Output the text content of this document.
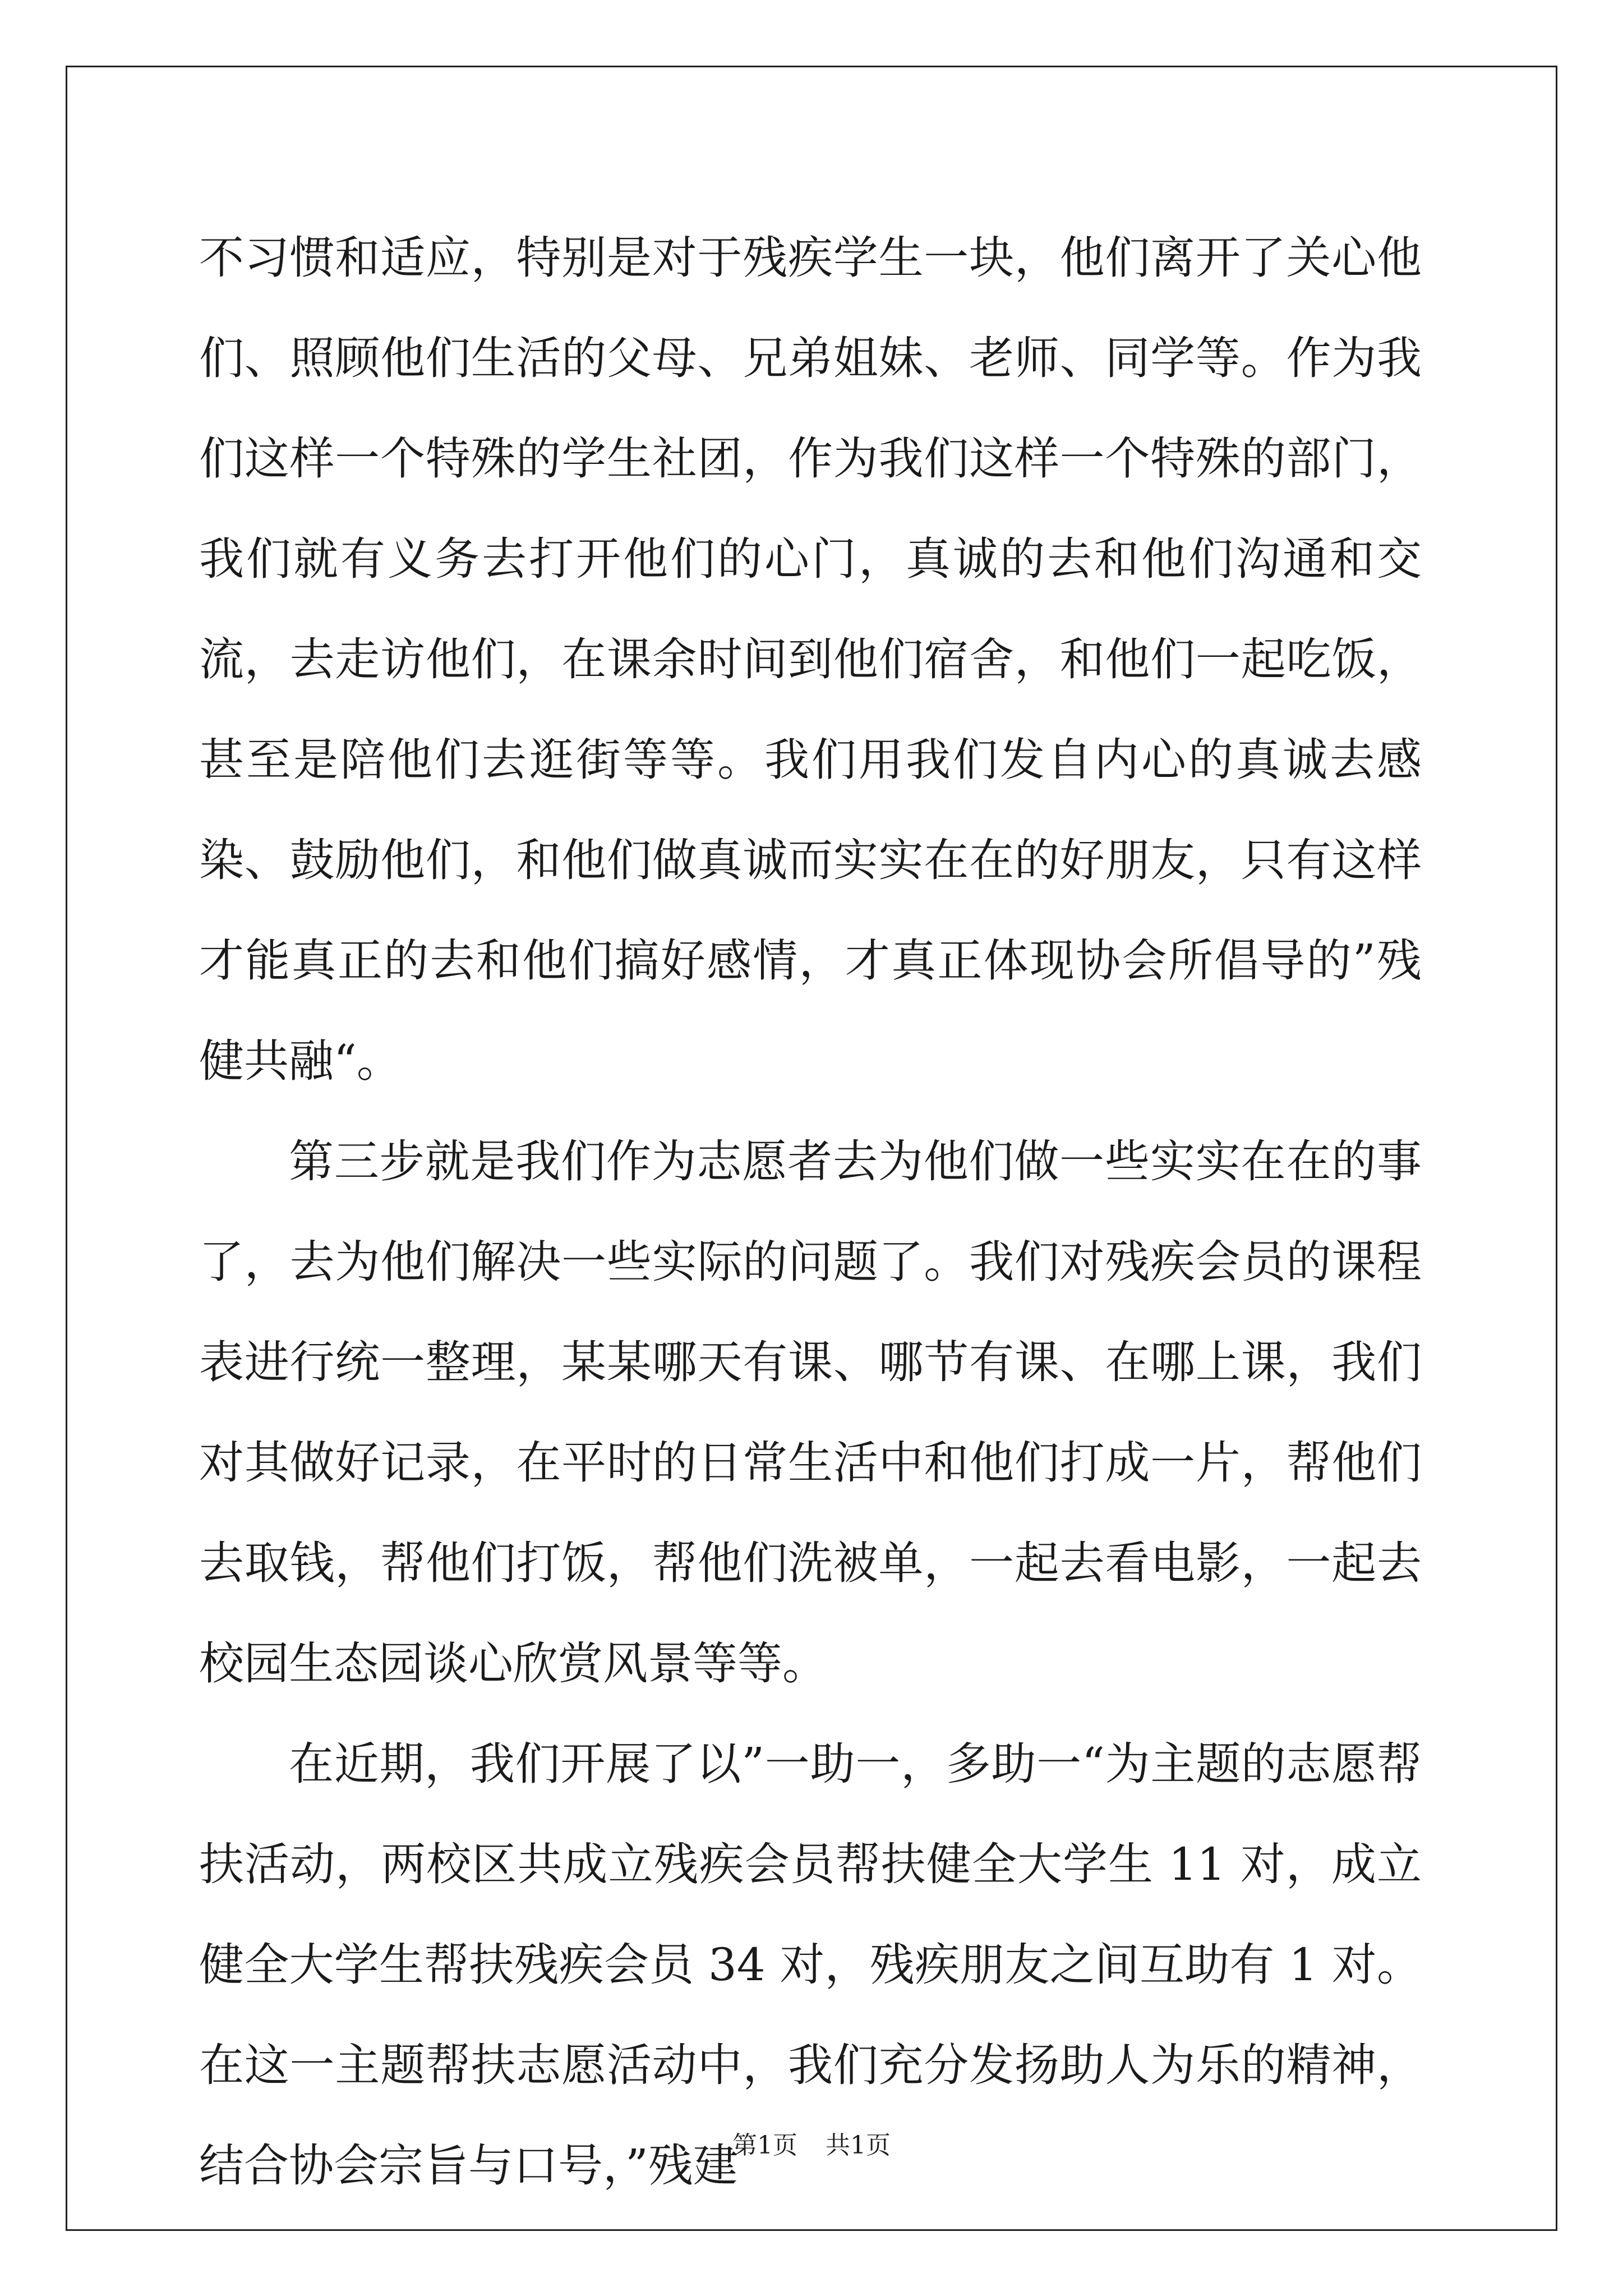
不习惯和适应，特别是对于残疾学生一块，他们离开了关心他们、照顾他们生活的父母、兄弟姐妹、老师、同学等。作为我们这样一个特殊的学生社团，作为我们这样一个特殊的部门，我们就有义务去打开他们的心门，真诚的去和他们沟通和交流，去走访他们，在课余时间到他们宿舍，和他们一起吃饭，甚至是陪他们去逛街等等。我们用我们发自内心的真诚去感染、鼓励他们，和他们做真诚而实实在在的好朋友，只有这样才能真正的去和他们搞好感情，才真正体现协会所倡导的”残健共融“。

第三步就是我们作为志愿者去为他们做一些实实在在的事了，去为他们解决一些实际的问题了。我们对残疾会员的课程表进行统一整理，某某哪天有课、哪节有课、在哪上课，我们对其做好记录，在平时的日常生活中和他们打成一片，帮他们去取钱，帮他们打饭，帮他们洗被单，一起去看电影，一起去校园生态园谈心欣赏风景等等。

在近期，我们开展了以”一助一，多助一“为主题的志愿帮扶活动，两校区共成立残疾会员帮扶健全大学生 11 对，成立健全大学生帮扶残疾会员 34 对，残疾朋友之间互助有 1 对。在这一主题帮扶志愿活动中，我们充分发扬助人为乐的精神，结合协会宗旨与口号，”残建

第1页 共1页
